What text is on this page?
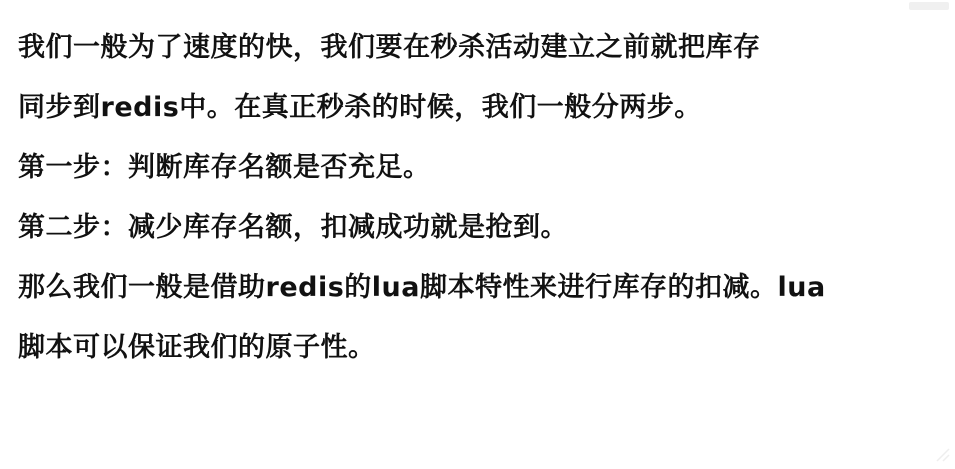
我们一般为了速度的快，我们要在秒杀活动建立之前就把库存

同步到redis中。在真正秒杀的时候，我们一般分两步。

第一步：判断库存名额是否充足。

第二步：减少库存名额，扣减成功就是抢到。

那么我们一般是借助redis的lua脚本特性来进行库存的扣减。lua

脚本可以保证我们的原子性。
